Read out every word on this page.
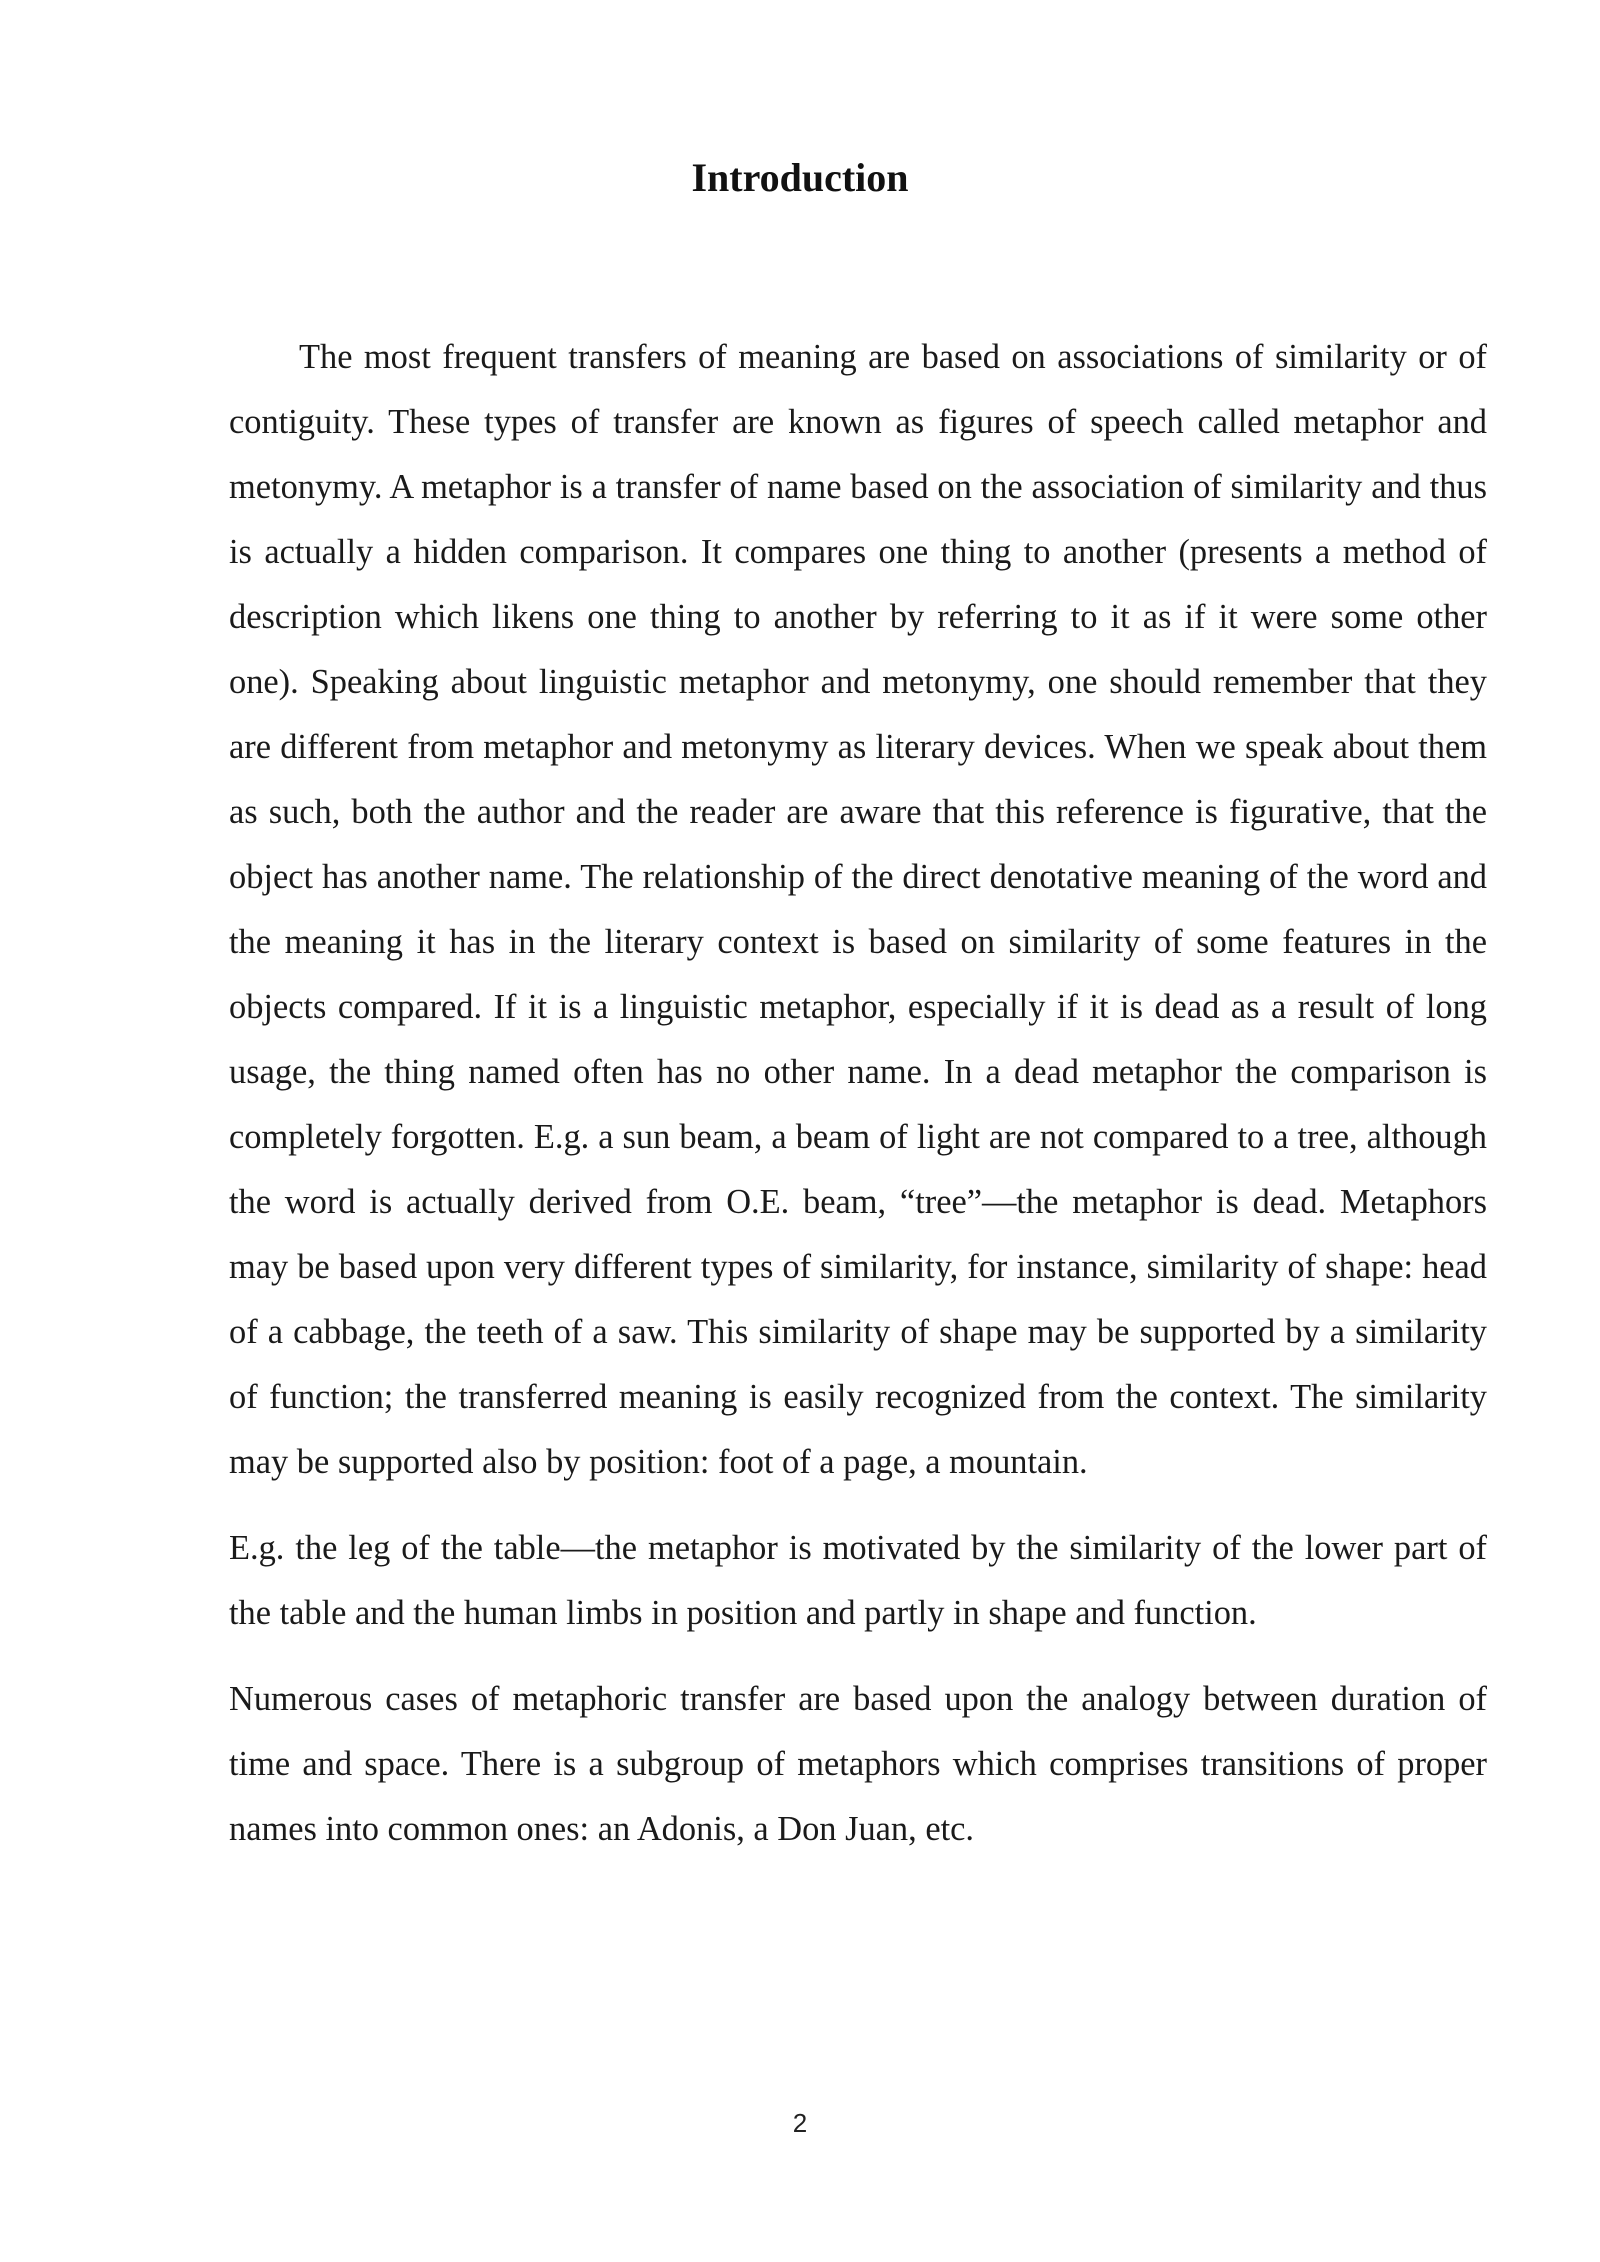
Introduction

The most frequent transfers of meaning are based on associations of similarity or of contiguity. These types of transfer are known as figures of speech called metaphor and metonymy. A metaphor is a transfer of name based on the association of similarity and thus is actually a hidden comparison. It compares one thing to another (presents a method of description which likens one thing to another by referring to it as if it were some other one). Speaking about linguistic metaphor and metonymy, one should remember that they are different from metaphor and metonymy as literary devices. When we speak about them as such, both the author and the reader are aware that this reference is figurative, that the object has another name. The relationship of the direct denotative meaning of the word and the meaning it has in the literary context is based on similarity of some features in the objects compared. If it is a linguistic metaphor, especially if it is dead as a result of long usage, the thing named often has no other name. In a dead metaphor the comparison is completely forgotten. E.g. a sun beam, a beam of light are not compared to a tree, although the word is actually derived from O.E. beam, “tree”—the metaphor is dead. Metaphors may be based upon very different types of similarity, for instance, similarity of shape: head of a cabbage, the teeth of a saw. This similarity of shape may be supported by a similarity of function; the transferred meaning is easily recognized from the context. The similarity may be supported also by position: foot of a page, a mountain.

E.g. the leg of the table—the metaphor is motivated by the similarity of the lower part of the table and the human limbs in position and partly in shape and function.

Numerous cases of metaphoric transfer are based upon the analogy between duration of time and space. There is a subgroup of metaphors which comprises transitions of proper names into common ones: an Adonis, a Don Juan, etc.

2
